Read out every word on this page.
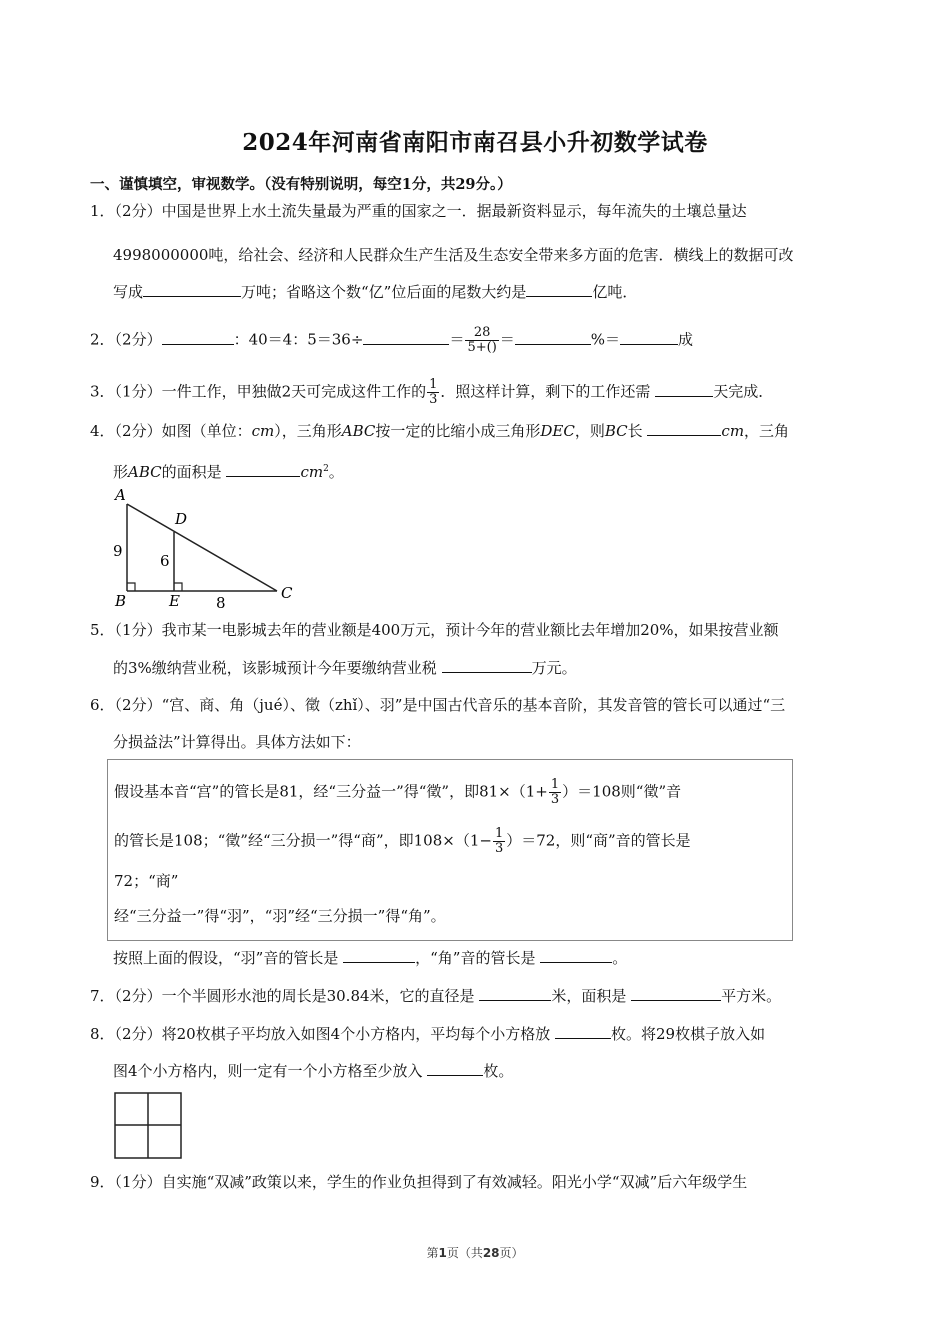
2024年河南省南阳市南召县小升初数学试卷
一、谨慎填空，审视数学。（没有特别说明，每空1分，共29分。）
1．（2分）中国是世界上水土流失量最为严重的国家之一．据最新资料显示，每年流失的土壤总量达
4998000000吨，给社会、经济和人民群众生产生活及生态安全带来多方面的危害．横线上的数据可改
写成	万吨；省略这个数“亿”位后面的尾数大约是	亿吨．
2．（2分）	：40＝4：5＝36÷	＝ $\frac{28}{5+()}$ ＝	%＝	成
3．（1分）一件工作，甲独做2天可完成这件工作的 $\frac{1}{3}$ ．照这样计算，剩下的工作还需	天完成．
4．（2分）如图（单位：cm），三角形ABC按一定的比缩小成三角形DEC，则BC长	cm，三角
形ABC的面积是	$cm^2$。
A
D
B	E	C
9
6
8
5．（1分）我市某一电影城去年的营业额是400万元，预计今年的营业额比去年增加20%，如果按营业额
的3%缴纳营业税，该影城预计今年要缴纳营业税	万元。
6．（2分）“宫、商、角（jué）、徵（zhǐ）、羽”是中国古代音乐的基本音阶，其发音管的管长可以通过“三
分损益法”计算得出。具体方法如下：
假设基本音“宫”的管长是81，经“三分益一”得“徵”，即$81\times(1+ \frac{1}{3} )=108$则“徵”音
的管长是108；“徵”经“三分损一”得“商”，即$108\times(1- \frac{1}{3} )=72$，则“商”音的管长是
72；“商”
经“三分益一”得“羽”，“羽”经“三分损一”得“角”。
按照上面的假设，“羽”音的管长是	，“角”音的管长是	。
7．（2分）一个半圆形水池的周长是30.84米，它的直径是	米，面积是	平方米。
8．（2分）将20枚棋子平均放入如图4个小方格内，平均每个小方格放	枚。将29枚棋子放入如
图4个小方格内，则一定有一个小方格至少放入	枚。
9．（1分）自实施“双减”政策以来，学生的作业负担得到了有效减轻。阳光小学“双减”后六年级学生
第1页（共28页）
